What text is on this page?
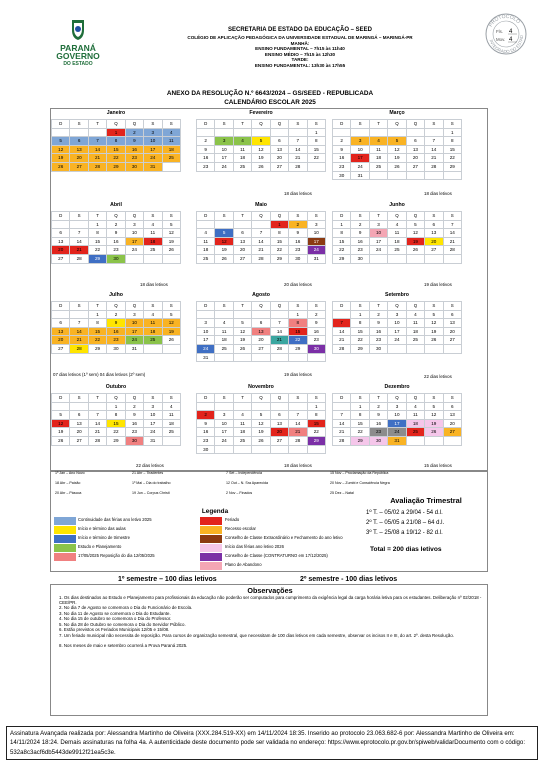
PARANÁ
GOVERNO
DO ESTADO
SECRETARIA DE ESTADO DA EDUCAÇÃO – SEED
COLÉGIO DE APLICAÇÃO PEDAGÓGICA DA UNIVERSIDADE ESTADUAL DE MARINGÁ – MARINGÁ-PR
MANHÃ:
ENSINO FUNDAMENTAL – 7h15 às 11h40
ENSINO MÉDIO – 7h15 às 12h30
TARDE:
ENSINO FUNDAMENTAL: 13h30 às 17h55
PROTOCOLO
INTEGRADO DO ESTAD
Fls. 4
Mov. 4
ANEXO DA RESOLUÇÃO N.º 6643/2024 – GS/SEED - REPUBLICADA
CALENDÁRIO ESCOLAR 2025
Janeiro
D	S	T	Q	Q	S	S
			1	2	3	4
5	6	7	8	9	10	11
12	13	14	15	16	17	18
19	20	21	22	23	24	25
26	27	28	29	30	31	
Fevereiro
D	S	T	Q	Q	S	S
						1
2	3	4	5	6	7	8
9	10	11	12	13	14	15
16	17	18	19	20	21	22
23	24	25	26	27	28	
18 dias letivos
Março
D	S	T	Q	Q	S	S
						1
2	3	4	5	6	7	8
9	10	11	12	13	14	15
16	17	18	19	20	21	22
23	24	25	26	27	28	29
30	31					
18 dias letivos
Abril
D	S	T	Q	Q	S	S
		1	2	3	4	5
6	7	8	9	10	11	12
13	14	15	16	17	18	19
20	21	22	23	24	25	26
27	28	29	30			
18 dias letivos
Maio
D	S	T	Q	Q	S	S
				1	2	3
4	5	6	7	8	9	10
11	12	13	14	15	16	17
18	19	20	21	22	23	24
25	26	27	28	29	30	31
20 dias letivos
Junho
D	S	T	Q	Q	S	S
1	2	3	4	5	6	7
8	9	10	11	12	13	14
15	16	17	18	19	20	21
22	23	24	25	26	27	28
29	30					
19 dias letivos
Julho
D	S	T	Q	Q	S	S
		1	2	3	4	5
6	7	8	9	10	11	12
13	14	15	16	17	18	19
20	21	22	23	24	25	26
27	28	29	30	31		
07 dias letivos (1º sem) 04 dias letivos (2º sem)
Agosto
D	S	T	Q	Q	S	S
					1	2
3	4	5	6	7	8	9
10	11	12	13	14	15	16
17	18	19	20	21	22	23
24	25	26	27	28	29	30
31						
19 dias letivos
Setembro
D	S	T	Q	Q	S	S
	1	2	3	4	5	6
7	8	9	10	11	12	13
14	15	16	17	18	19	20
21	22	23	24	25	26	27
28	29	30				
22 dias letivos
Outubro
D	S	T	Q	Q	S	S
			1	2	3	4
5	6	7	8	9	10	11
12	13	14	15	16	17	18
19	20	21	22	23	24	25
26	27	28	29	30	31	
22 dias letivos
Novembro
D	S	T	Q	Q	S	S
						1
2	3	4	5	6	7	8
9	10	11	12	13	14	15
16	17	18	19	20	21	22
23	24	25	26	27	28	29
30						
18 dias letivos
Dezembro
D	S	T	Q	Q	S	S
	1	2	3	4	5	6
7	8	9	10	11	12	13
14	15	16	17	18	19	20
21	22	23	24	25	26	27
28	29	30	31			
15 dias letivos
1º Jan – Ano Novo	21 Abr – Tiradentes	7 Set – Independência	15 Nov – Proclamação da República
18 Abr – Paixão	1º Mai – Dia do trabalho	12 Out – N. Sra Aparecida	20 Nov – Zumbi e Consciência Negra
20 Abr – Páscoa	19 Jun – Corpus Christi	2 Nov – Finados	25 Dez – Natal
Legenda
Continuidade das férias ano letivo 2025
Início e término das aulas
Início e término de trimestre
Estudo e Planejamento
17/05/2025 Reposição do dia 12/05/2025
Feriado
Recesso escolar
Conselho de Classe Extraordinário e Fechamento do ano letivo
Início das férias ano letivo 2026
Conselho de Classe (CONTRATURNO em 17/12/2025)
Plano de Abandono
Avaliação Trimestral
1º T. – 05/02 a 29/04 - 54 d.l.
2º T. – 05/05 a 21/08 – 64 d.l.
3º T. – 25/08 a 19/12 - 82 d.l.
Total = 200 dias letivos
1º semestre – 100 dias letivos	2º semestre - 100 dias letivos
Observações
1. Os dias destinados ao Estudo e Planejamento para profissionais da educação não poderão ser computados para cumprimento da exigência legal da carga horária letiva para os estudantes. Deliberação nº 02/2018 - CEE/PR.
2. No dia 7 de Agosto se comemora o Dia do Funcionário de Escola.
3. No dia 11 de Agosto se comemora o Dia do Estudante.
4. No dia 15 de outubro se comemora o Dia do Professor.
5. No dia 28 de Outubro se comemora o Dia do Servidor Público.
6. Estão previstos os Feriados Municipais 12/05 e 15/08.
7. Um feriado municipal não necessita de reposição. Para cursos de organização semestral, que necessitam de 100 dias letivos em cada semestre, observar os incisos II e III, do art. 2º. desta Resolução.
8. Nos meses de maio e setembro ocorrerá a Prova Paraná 2025.
Assinatura Avançada realizada por: Alessandra Martinho de Oliveira (XXX.284.519-XX) em 14/11/2024 18:35. Inserido ao protocolo 23.063.682-6 por: Alessandra Martinho de Oliveira em: 14/11/2024 18:24. Demais assinaturas na folha 4a. A autenticidade deste documento pode ser validada no endereço: https://www.eprotocolo.pr.gov.br/spiweb/validarDocumento com o código: 532a8c3acf6db5443de9912f21ea5c3e.
